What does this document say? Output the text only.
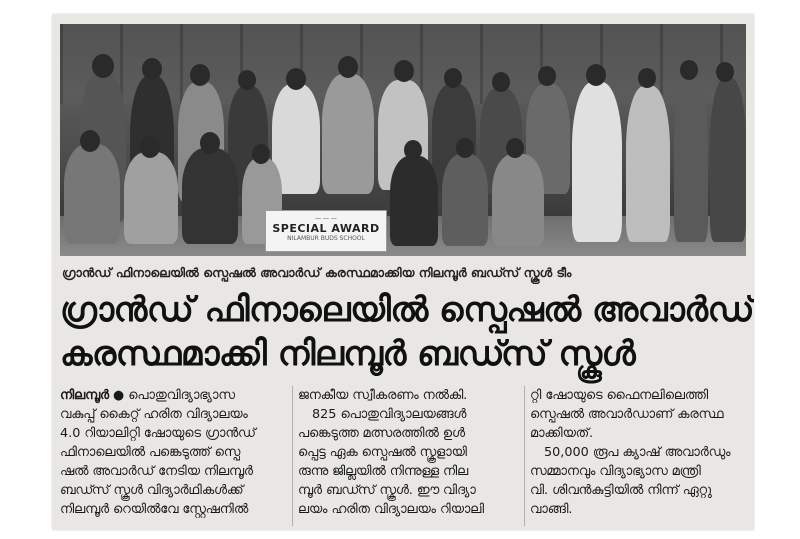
— — —
SPECIAL AWARD
NILAMBUR BUDS SCHOOL
ഗ്രാൻഡ് ഫിനാലെയിൽ സ്പെഷൽ അവാർഡ് കരസ്ഥമാക്കിയ നിലമ്പൂർ ബഡ്സ് സ്കൂൾ ടീം
ഗ്രാൻഡ് ഫിനാലെയിൽ സ്പെഷൽ അവാർഡ്
കരസ്ഥമാക്കി നിലമ്പൂർ ബഡ്സ് സ്കൂൾ

നിലമ്പൂർ ● പൊതുവിദ്യാഭ്യാസ

വകുപ്പ് കൈറ്റ് ഹരിത വിദ്യാലയം

4.0 റിയാലിറ്റി ഷോയുടെ ഗ്രാൻഡ്

ഫിനാലെയിൽ പങ്കെടുത്ത് സ്പെ

ഷൽ അവാർഡ് നേടിയ നിലമ്പൂർ

ബഡ്സ് സ്കൂൾ വിദ്യാർഥികൾക്ക്

നിലമ്പൂർ റെയിൽവേ സ്റ്റേഷനിൽ

ജനകീയ സ്വീകരണം നൽകി.

825 പൊതുവിദ്യാലയങ്ങൾ

പങ്കെടുത്ത മത്സരത്തിൽ ഉൾ

പ്പെട്ട ഏക സ്പെഷൽ സ്കൂളായി

രുന്നു ജില്ലയിൽ നിന്നുള്ള നില

മ്പൂർ ബഡ്സ് സ്കൂൾ. ഈ വിദ്യാ

ലയം ഹരിത വിദ്യാലയം റിയാലി

റ്റി ഷോയുടെ ഫൈനലിലെത്തി

സ്പെഷൽ അവാർഡാണ് കരസ്ഥ

മാക്കിയത്.

50,000 രൂപ ക്യാഷ് അവാർഡും

സമ്മാനവും വിദ്യാഭ്യാസ മന്ത്രി

വി. ശിവൻകുട്ടിയിൽ നിന്ന് ഏറ്റു

വാങ്ങി.
